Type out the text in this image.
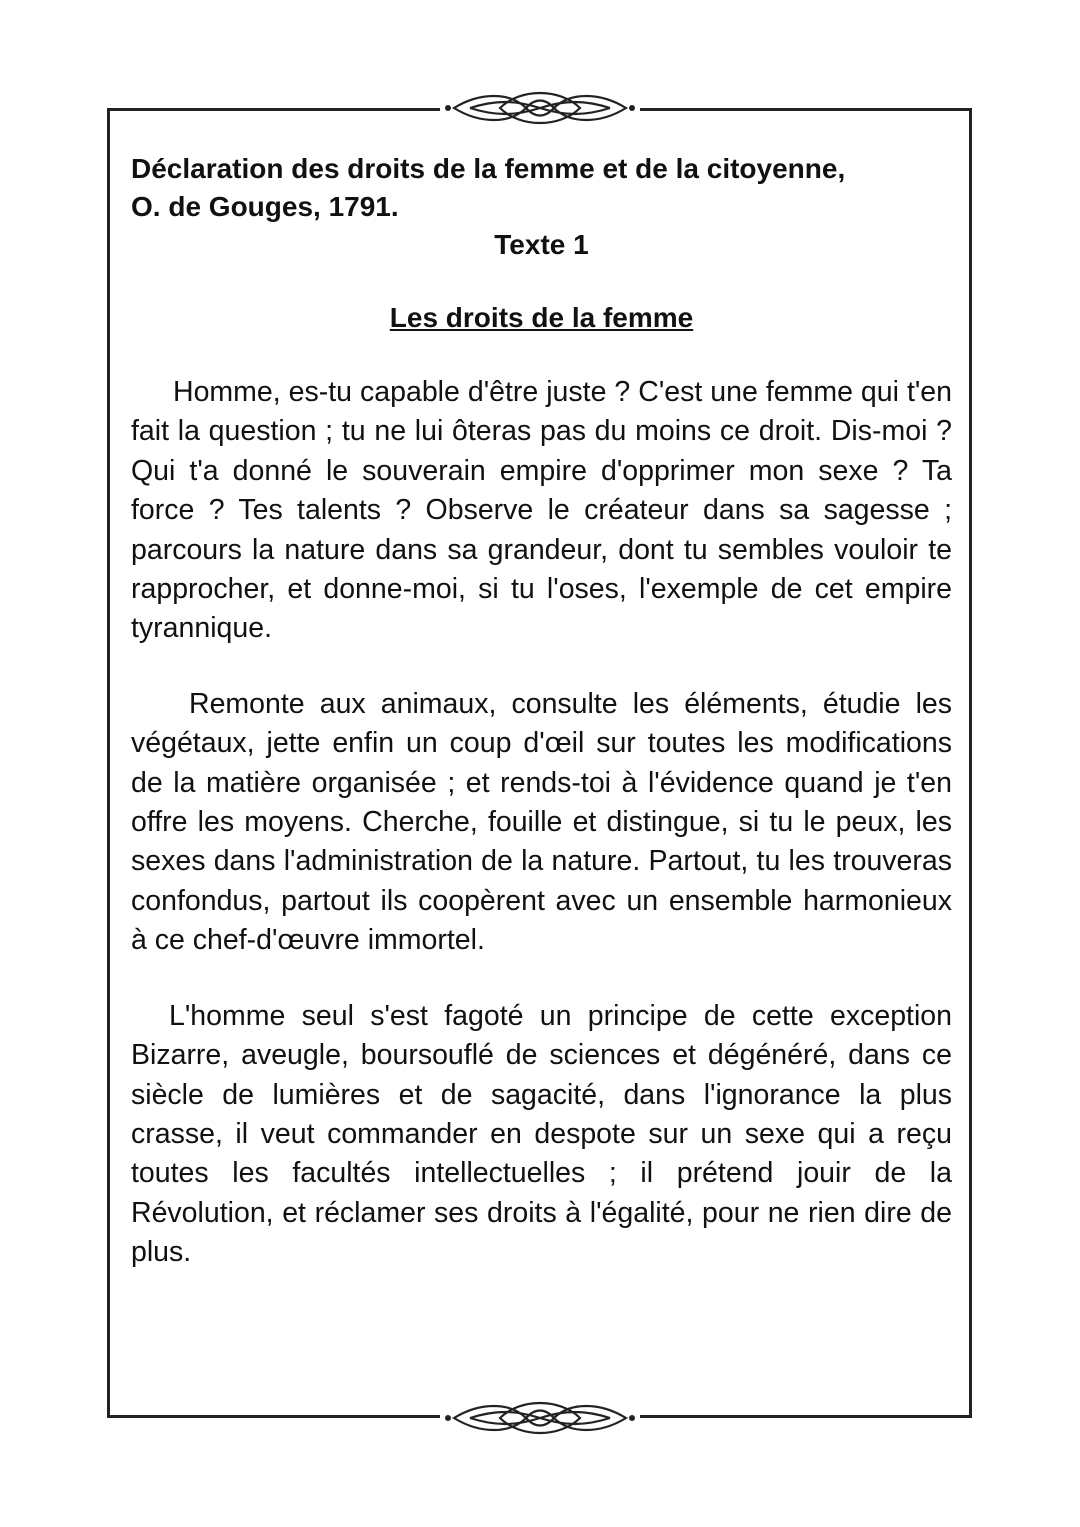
Déclaration des droits de la femme et de la citoyenne,

O. de Gouges, 1791.

Texte 1

Les droits de la femme

Homme, es-tu capable d'être juste ? C'est une femme qui t'en fait la question ; tu ne lui ôteras pas du moins ce droit. Dis-moi ? Qui t'a donné le souverain empire d'opprimer mon sexe ? Ta force ? Tes talents ? Observe le créateur dans sa sagesse ; parcours la nature dans sa grandeur, dont tu sembles vouloir te rapprocher, et donne-moi, si tu l'oses, l'exemple de cet empire tyrannique.

Remonte aux animaux, consulte les éléments, étudie les végétaux, jette enfin un coup d'œil sur toutes les modifications de la matière organisée ; et rends-toi à l'évidence quand je t'en offre les moyens. Cherche, fouille et distingue, si tu le peux, les sexes dans l'administration de la nature. Partout, tu les trouveras confondus, partout ils coopèrent avec un ensemble harmonieux à ce chef-d'œuvre immortel.

L'homme seul s'est fagoté un principe de cette exception Bizarre, aveugle, boursouflé de sciences et dégénéré, dans ce siècle de lumières et de sagacité, dans l'ignorance la plus crasse, il veut commander en despote sur un sexe qui a reçu toutes les facultés intellectuelles ; il prétend jouir de la Révolution, et réclamer ses droits à l'égalité, pour ne rien dire de plus.
